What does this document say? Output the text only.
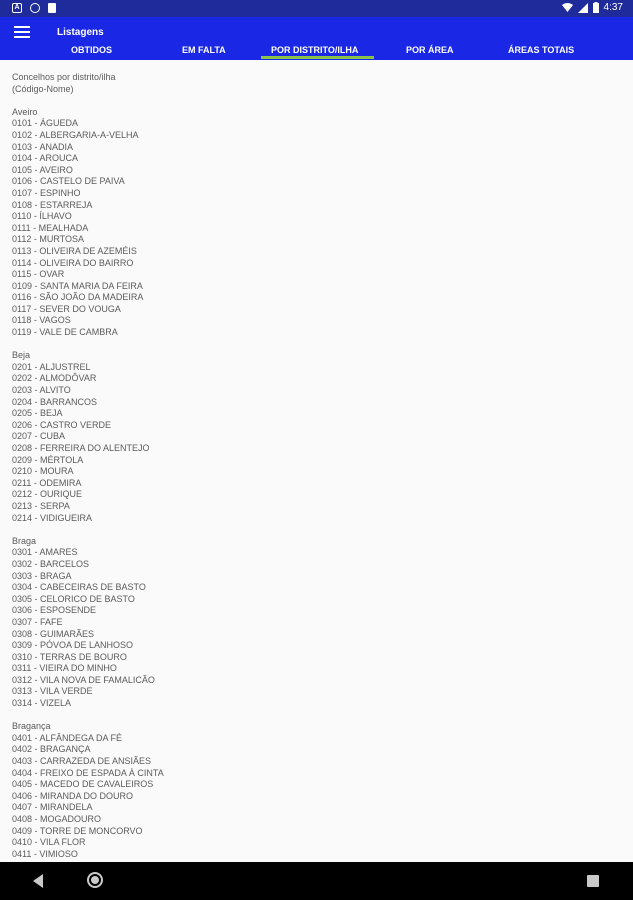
A	4:37
Listagens
OBTIDOS	EM FALTA	POR DISTRITO/ILHA	POR ÁREA	ÁREAS TOTAIS
Concelhos por distrito/ilha
(Código-Nome)
Aveiro
0101 - ÁGUEDA
0102 - ALBERGARIA-A-VELHA
0103 - ANADIA
0104 - AROUCA
0105 - AVEIRO
0106 - CASTELO DE PAIVA
0107 - ESPINHO
0108 - ESTARREJA
0110 - ÍLHAVO
0111 - MEALHADA
0112 - MURTOSA
0113 - OLIVEIRA DE AZEMÉIS
0114 - OLIVEIRA DO BAIRRO
0115 - OVAR
0109 - SANTA MARIA DA FEIRA
0116 - SÃO JOÃO DA MADEIRA
0117 - SEVER DO VOUGA
0118 - VAGOS
0119 - VALE DE CAMBRA
Beja
0201 - ALJUSTREL
0202 - ALMODÔVAR
0203 - ALVITO
0204 - BARRANCOS
0205 - BEJA
0206 - CASTRO VERDE
0207 - CUBA
0208 - FERREIRA DO ALENTEJO
0209 - MÉRTOLA
0210 - MOURA
0211 - ODEMIRA
0212 - OURIQUE
0213 - SERPA
0214 - VIDIGUEIRA
Braga
0301 - AMARES
0302 - BARCELOS
0303 - BRAGA
0304 - CABECEIRAS DE BASTO
0305 - CELORICO DE BASTO
0306 - ESPOSENDE
0307 - FAFE
0308 - GUIMARÃES
0309 - PÓVOA DE LANHOSO
0310 - TERRAS DE BOURO
0311 - VIEIRA DO MINHO
0312 - VILA NOVA DE FAMALICÃO
0313 - VILA VERDE
0314 - VIZELA
Bragança
0401 - ALFÂNDEGA DA FÉ
0402 - BRAGANÇA
0403 - CARRAZEDA DE ANSIÃES
0404 - FREIXO DE ESPADA À CINTA
0405 - MACEDO DE CAVALEIROS
0406 - MIRANDA DO DOURO
0407 - MIRANDELA
0408 - MOGADOURO
0409 - TORRE DE MONCORVO
0410 - VILA FLOR
0411 - VIMIOSO
